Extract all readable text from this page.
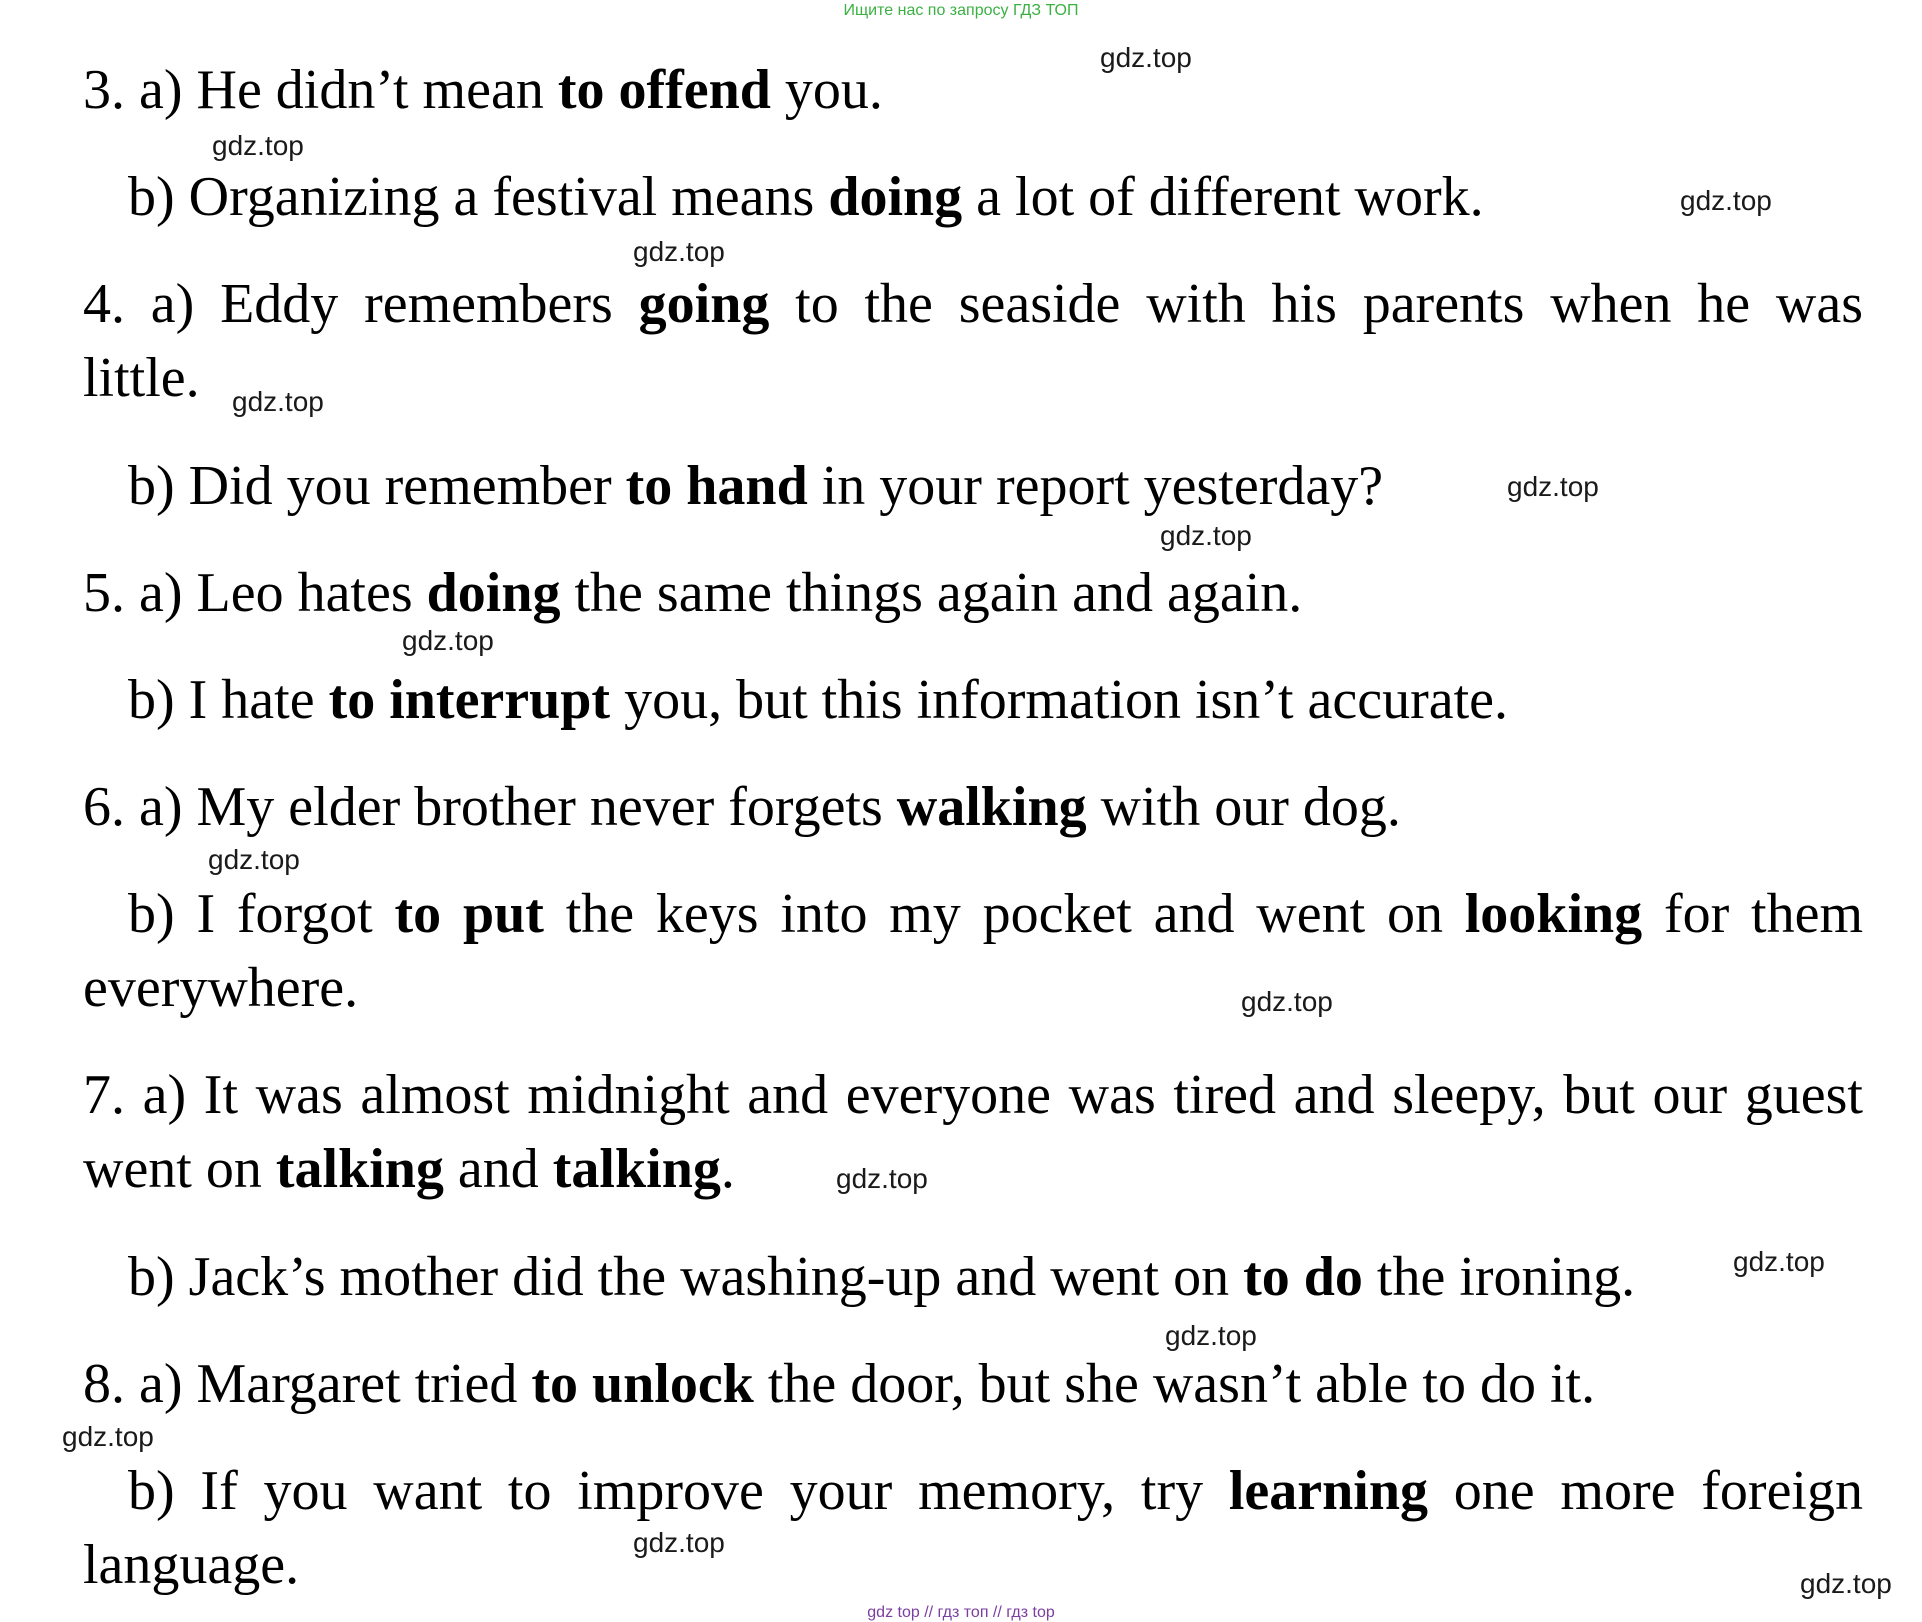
Ищите нас по запросу ГДЗ ТОП
3. a) He didn’t mean to offend you.
b) Organizing a festival means doing a lot of different work.
4. a) Eddy remembers going to the seaside with his parents when he was
little.
b) Did you remember to hand in your report yesterday?
5. a) Leo hates doing the same things again and again.
b) I hate to interrupt you, but this information isn’t accurate.
6. a) My elder brother never forgets walking with our dog.
b) I forgot to put the keys into my pocket and went on looking for them
everywhere.
7. a) It was almost midnight and everyone was tired and sleepy, but our guest
went on talking and talking.
b) Jack’s mother did the washing-up and went on to do the ironing.
8. a) Margaret tried to unlock the door, but she wasn’t able to do it.
b) If you want to improve your memory, try learning one more foreign
language.
gdz.top
gdz.top
gdz.top
gdz.top
gdz.top
gdz.top
gdz.top
gdz.top
gdz.top
gdz.top
gdz.top
gdz.top
gdz.top
gdz.top
gdz.top
gdz.top
gdz top // гдз топ // гдз top
